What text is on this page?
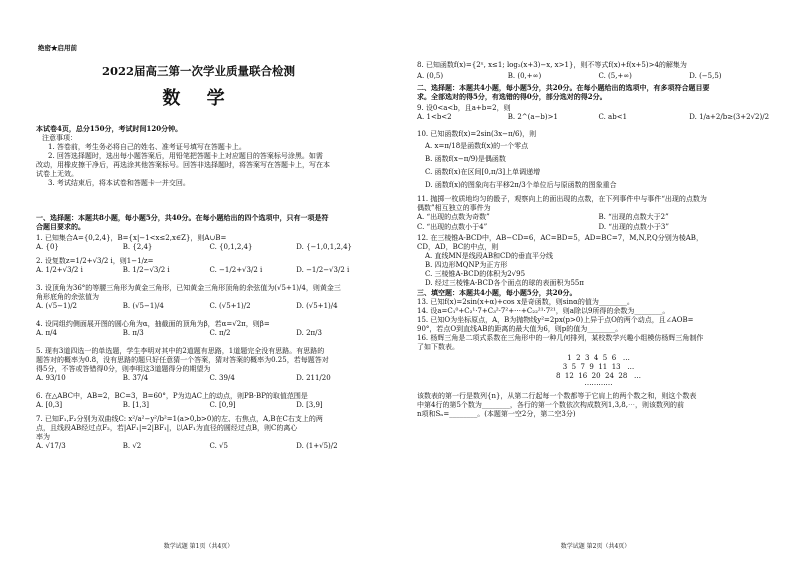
绝密★启用前
2022届高三第一次学业质量联合检测
数 学
本试卷4页，总分150分，考试时间120分钟。
注意事项：
1. 答卷前，考生务必将自己的姓名、准考证号填写在答题卡上。
2. 回答选择题时，选出每小题答案后，用铅笔把答题卡上对应题目的答案标号涂黑。如需
改动，用橡皮擦干净后，再选涂其他答案标号。回答非选择题时，将答案写在答题卡上，写在本
试卷上无效。
3. 考试结束后，将本试卷和答题卡一并交回。
一、选择题：本题共8小题，每小题5分，共40分。在每小题给出的四个选项中，只有一项是符
合题目要求的。
1. 已知集合A={0,2,4}，B={x|−1<x≤2,x∈Z}，则A∪B=
A. {0}	B. {2,4}	C. {0,1,2,4}	D. {−1,0,1,2,4}
2. 设复数z=1/2+√3/2 i，则1−1/z=
A. 1/2+√3/2 i	B. 1/2−√3/2 i	C. −1/2+√3/2 i	D. −1/2−√3/2 i
3. 设顶角为36°的等腰三角形为黄金三角形，已知黄金三角形顶角的余弦值为(√5+1)/4，则黄金三
角形底角的余弦值为
A. (√5−1)/2	B. (√5−1)/4	C. (√5+1)/2	D. (√5+1)/4
4. 设同组约侧面展开图的圆心角为α，抽截面的顶角为β，若α=√2π，则β=
A. π/4	B. π/3	C. π/2	D. 2π/3
5. 现有3道四选一的单选题，学生李明对其中的2道题有思路，1道题完全没有思路。有思路的
题答对的概率为0.8，没有思路的题只好任意猜一个答案，猜对答案的概率为0.25，若每题答对
得5分，不答或答错得0分，则李明这3道题得分的期望为
A. 93/10	B. 37/4	C. 39/4	D. 211/20
6. 在△ABC中，AB=2，BC=3，B=60°，P为边AC上的动点，则PB·BP的取值范围是
A. [0,3]	B. [1,3]	C. [0,9]	D. [3,9]
7. 已知F₁,F₂分别为双曲线C: x²/a²−y²/b²=1(a>0,b>0)的左、右焦点，A,B在C右支上的两
点，且线段AB经过点F₂，若|AF₁|=2|BF₁|，以AF₁为直径的圆经过点B，则C的离心
率为
A. √17/3	B. √2	C. √5	D. (1+√5)/2
数学试题 第1页（共4页）
8. 已知函数f(x)={2ˣ, x≤1; log₂(x+3)−x, x>1}，则不等式f(x)+f(x+5)>4的解集为
A. (0,5)	B. (0,+∞)	C. (5,+∞)	D. (−5,5)
二、选择题：本题共4小题，每小题5分，共20分。在每小题给出的选项中，有多项符合题目要
求。全部选对的得5分，有选错的得0分，部分选对的得2分。
9. 设0<a<b，且a+b=2，则
A. 1<b<2	B. 2^(a−b)>1	C. ab<1	D. 1/a+2/b≥(3+2√2)/2
10. 已知函数f(x)=2sin(3x−π/6)，则
A. x=π/18是函数f(x)的一个零点
B. 函数f(x−π/9)是偶函数
C. 函数f(x)在区间[0,π/3]上单调递增
D. 函数f(x)的图象向右平移2π/3个单位后与原函数的图象重合
11. 抛掷一枚质地均匀的骰子，观察向上的面出现的点数，在下列事件中与事件“出现的点数为
偶数”相互独立的事件为
A. “出现的点数为奇数”	B. “出现的点数大于2”
C. “出现的点数小于4”	D. “出现的点数小于3”
12. 在三棱锥A-BCD中，AB−CD=6，AC=BD=5，AD=BC=7，M,N,P,Q分别为棱AB，
CD，AD，BC的中点，则
A. 直线MN是线段AB和CD的垂直平分线
B. 四边形MQNP为正方形
C. 三棱锥A-BCD的体积为2√95
D. 经过三棱锥A-BCD各个面点的球的表面积为55π
三、填空题：本题共4小题，每小题5分，共20分。
13. 已知f(x)=2sin(x+α)+cos x是奇函数，则sinα的值为________。
14. 设a=C₁⁰+C₂¹·7+C₃²·7²+⋯+C₂₂²¹·7²¹，则a除以9所得的余数为________。
15. 已知O为坐标原点，A，B为抛物线y²=2px(p>0)上异于点O的两个动点，且∠AOB=
90°，若点O到直线AB的距离的最大值为6，则p的值为________。
16. 杨辉三角是二项式系数在三角形中的一种几何排列，某校数学兴趣小组模仿杨辉三角制作
了如下数表。
1  2  3  4  5  6   …
3  5  7  9  11  13   …
8  12  16  20  24  28   …
⋯⋯⋯⋯
该数表的第一行是数列{n}，从第二行起每一个数都等于它肩上的两个数之和，则这个数表
中第4行的第5个数为________，各行的第一个数依次构成数列1,3,8,⋯，则该数列的前
n项和Sₙ=________。(本题第一空2分，第二空3分)
数学试题 第2页（共4页）
